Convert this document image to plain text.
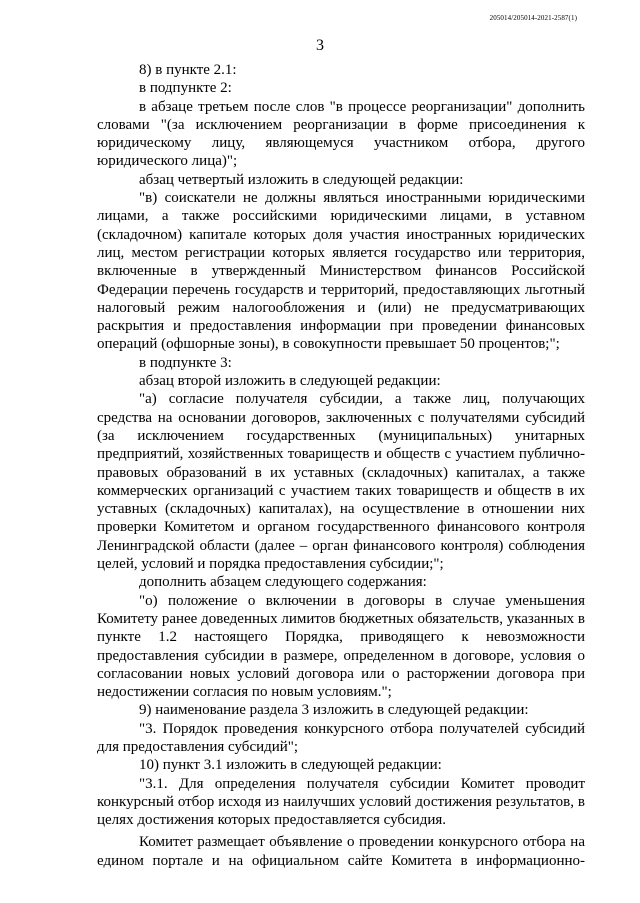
205014/205014-2021-2587(1)
3

8) в пункте 2.1:

в подпункте 2:

в абзаце третьем после слов "в процессе реорганизации" дополнить словами "(за исключением реорганизации в форме присоединения к юридическому лицу, являющемуся участником отбора, другого юридического лица)";

абзац четвертый изложить в следующей редакции:

"в) соискатели не должны являться иностранными юридическими лицами, а также российскими юридическими лицами, в уставном (складочном) капитале которых доля участия иностранных юридических лиц, местом регистрации которых является государство или территория, включенные в утвержденный Министерством финансов Российской Федерации перечень государств и территорий, предоставляющих льготный налоговый режим налогообложения и (или) не предусматривающих раскрытия и предоставления информации при проведении финансовых операций (офшорные зоны), в совокупности превышает 50 процентов;";

в подпункте 3:

абзац второй изложить в следующей редакции:

"а) согласие получателя субсидии, а также лиц, получающих средства на основании договоров, заключенных с получателями субсидий (за исключением государственных (муниципальных) унитарных предприятий, хозяйственных товариществ и обществ с участием публично-правовых образований в их уставных (складочных) капиталах, а также коммерческих организаций с участием таких товариществ и обществ в их уставных (складочных) капиталах), на осуществление в отношении них проверки Комитетом и органом государственного финансового контроля Ленинградской области (далее – орган финансового контроля) соблюдения целей, условий и порядка предоставления субсидии;";

дополнить абзацем следующего содержания:

"о) положение о включении в договоры в случае уменьшения Комитету ранее доведенных лимитов бюджетных обязательств, указанных в пункте 1.2 настоящего Порядка, приводящего к невозможности предоставления субсидии в размере, определенном в договоре, условия о согласовании новых условий договора или о расторжении договора при недостижении согласия по новым условиям.";

9) наименование раздела 3 изложить в следующей редакции:

"3. Порядок проведения конкурсного отбора получателей субсидий для предоставления субсидий";

10) пункт 3.1 изложить в следующей редакции:

"3.1. Для определения получателя субсидии Комитет проводит конкурсный отбор исходя из наилучших условий достижения результатов, в целях достижения которых предоставляется субсидия.

Комитет размещает объявление о проведении конкурсного отбора на едином портале и на официальном сайте Комитета в информационно-
